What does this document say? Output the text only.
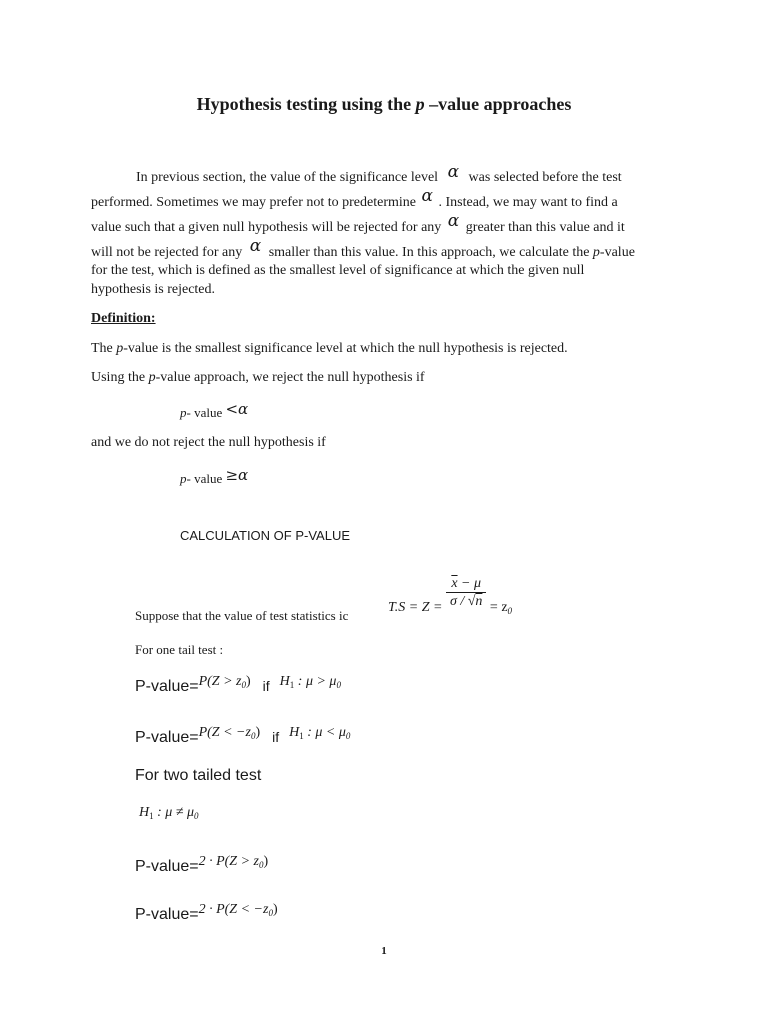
Hypothesis testing using the p –value approaches
In previous section, the value of the significance level α was selected before the test
performed. Sometimes we may prefer not to predetermine α . Instead, we may want to find a
value such that a given null hypothesis will be rejected for any α greater than this value and it
will not be rejected for any α smaller than this value. In this approach, we calculate the p-value
for the test, which is defined as the smallest level of significance at which the given null
hypothesis is rejected.
Definition:
The p-value is the smallest significance level at which the null hypothesis is rejected.
Using the p-value approach, we reject the null hypothesis if
p- value <α
and we do not reject the null hypothesis if
p- value ≥α
CALCULATION OF P-VALUE
Suppose that the value of test statistics ic
$T.S = Z = \frac{\overline{x} - \mu}{\sigma / √n} = z_0$
For one tail test :
P-value=P(Z > $z_0$) if $H_1$ : $\mu > \mu_0$
P-value=P(Z < $-z_0$) if $H_1$ : $\mu < \mu_0$
For two tailed test
$H_1$ : $\mu \ne \mu_0$
P-value=2 · $P(Z > z_0)$
P-value=2 · $P(Z < -z_0)$
1
